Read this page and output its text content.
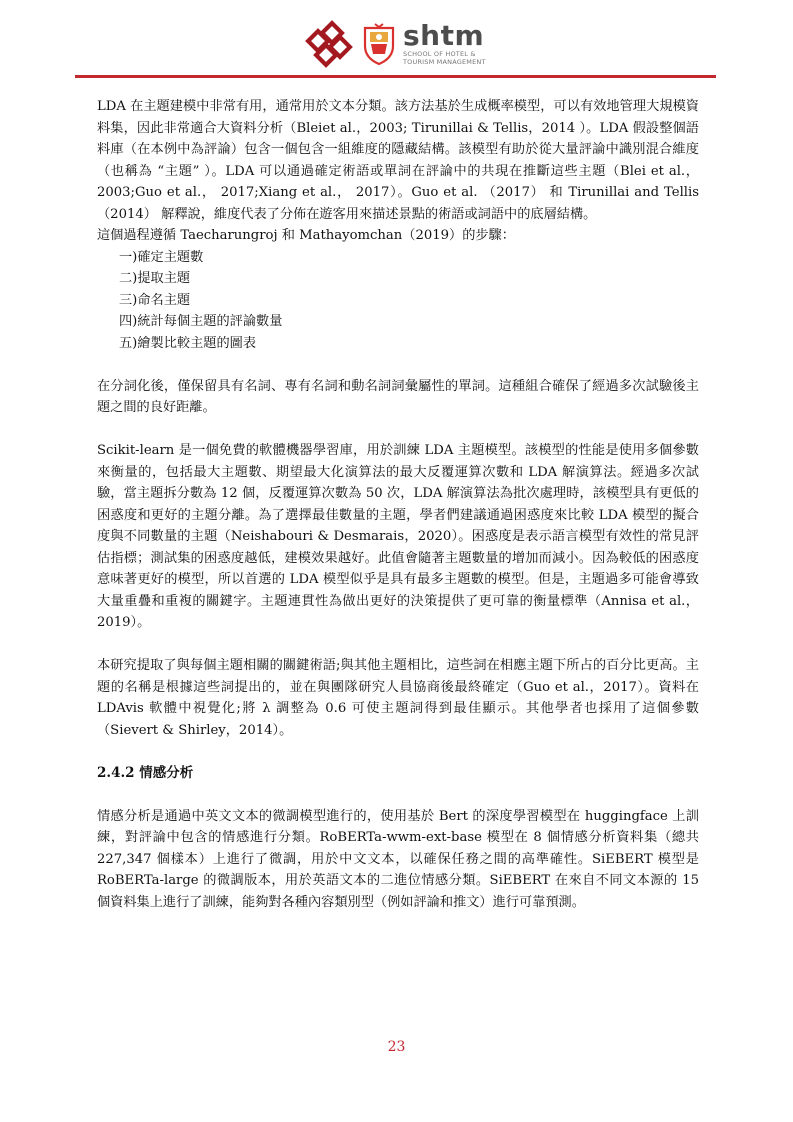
shtm
SCHOOL OF HOTEL &
TOURISM MANAGEMENT

LDA 在主題建模中非常有用，通常用於文本分類。該方法基於生成概率模型，可以有效地管理大規模資料集，因此非常適合大資料分析（Bleiet al.，2003; Tirunillai & Tellis，2014 ）。LDA 假設整個語料庫（在本例中為評論）包含一個包含一組維度的隱藏結構。該模型有助於從大量評論中識別混合維度（也稱為 “主題” ）。LDA 可以通過確定術語或單詞在評論中的共現在推斷這些主題（Blei et al.， 2003;Guo et al.， 2017;Xiang et al.， 2017）。Guo et al. （2017） 和 Tirunillai and Tellis （2014） 解釋說，維度代表了分佈在遊客用來描述景點的術語或詞語中的底層結構。

這個過程遵循 Taecharungroj 和 Mathayomchan（2019）的步驟：

一)確定主題數
二)提取主題
三)命名主題
四)統計每個主題的評論數量
五)繪製比較主題的圖表

在分詞化後，僅保留具有名詞、專有名詞和動名詞詞彙屬性的單詞。這種組合確保了經過多次試驗後主題之間的良好距離。

Scikit-learn 是一個免費的軟體機器學習庫，用於訓練 LDA 主題模型。該模型的性能是使用多個參數來衡量的，包括最大主題數、期望最大化演算法的最大反覆運算次數和 LDA 解演算法。經過多次試驗，當主題拆分數為 12 個，反覆運算次數為 50 次，LDA 解演算法為批次處理時，該模型具有更低的困惑度和更好的主題分離。為了選擇最佳數量的主題，學者們建議通過困惑度來比較 LDA 模型的擬合度與不同數量的主題（Neishabouri & Desmarais，2020）。困惑度是表示語言模型有效性的常見評估指標；測試集的困惑度越低，建模效果越好。此值會隨著主題數量的增加而減小。因為較低的困惑度意味著更好的模型，所以首選的 LDA 模型似乎是具有最多主題數的模型。但是，主題過多可能會導致大量重疊和重複的關鍵字。主題連貫性為做出更好的決策提供了更可靠的衡量標準（Annisa et al.，2019）。

本研究提取了與每個主題相關的關鍵術語;與其他主題相比，這些詞在相應主題下所占的百分比更高。主題的名稱是根據這些詞提出的，並在與團隊研究人員協商後最終確定（Guo et al.，2017）。資料在 LDAvis 軟體中視覺化;將 λ 調整為 0.6 可使主題詞得到最佳顯示。其他學者也採用了這個參數（Sievert & Shirley，2014）。

2.4.2 情感分析

情感分析是通過中英文文本的微調模型進行的，使用基於 Bert 的深度學習模型在 huggingface 上訓練，對評論中包含的情感進行分類。RoBERTa-wwm-ext-base 模型在 8 個情感分析資料集（總共 227,347 個樣本）上進行了微調，用於中文文本，以確保任務之間的高準確性。SiEBERT 模型是 RoBERTa-large 的微調版本，用於英語文本的二進位情感分類。SiEBERT 在來自不同文本源的 15 個資料集上進行了訓練，能夠對各種內容類別型（例如評論和推文）進行可靠預測。

23
